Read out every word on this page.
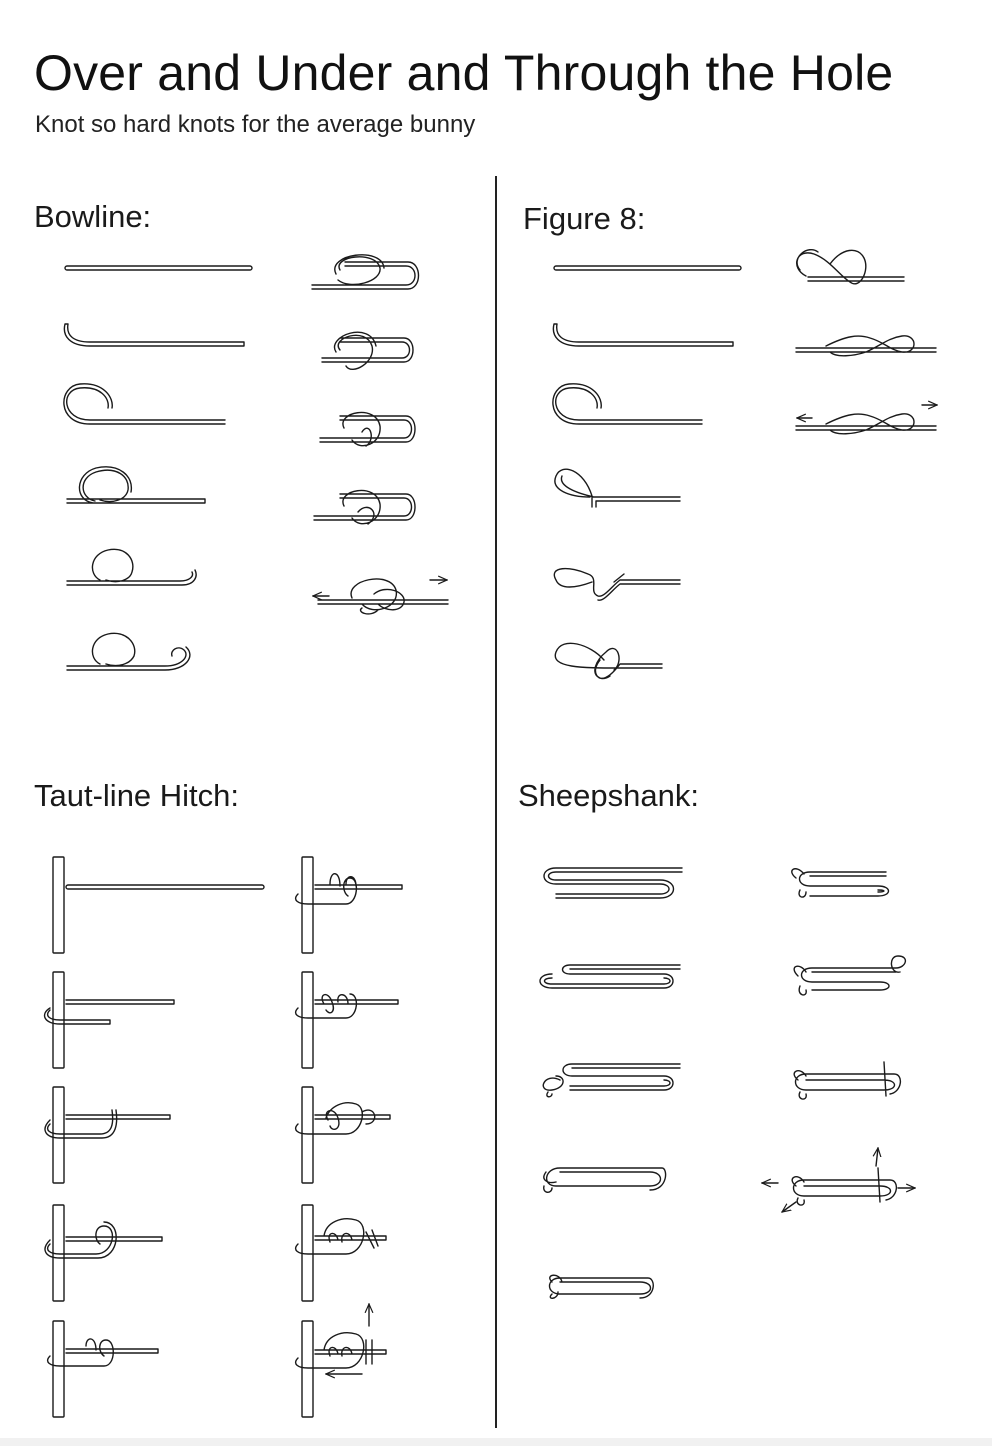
Over and Under and Through the Hole
Knot so hard knots for the average bunny
Bowline:	Figure 8:
Taut-line Hitch:	Sheepshank:
